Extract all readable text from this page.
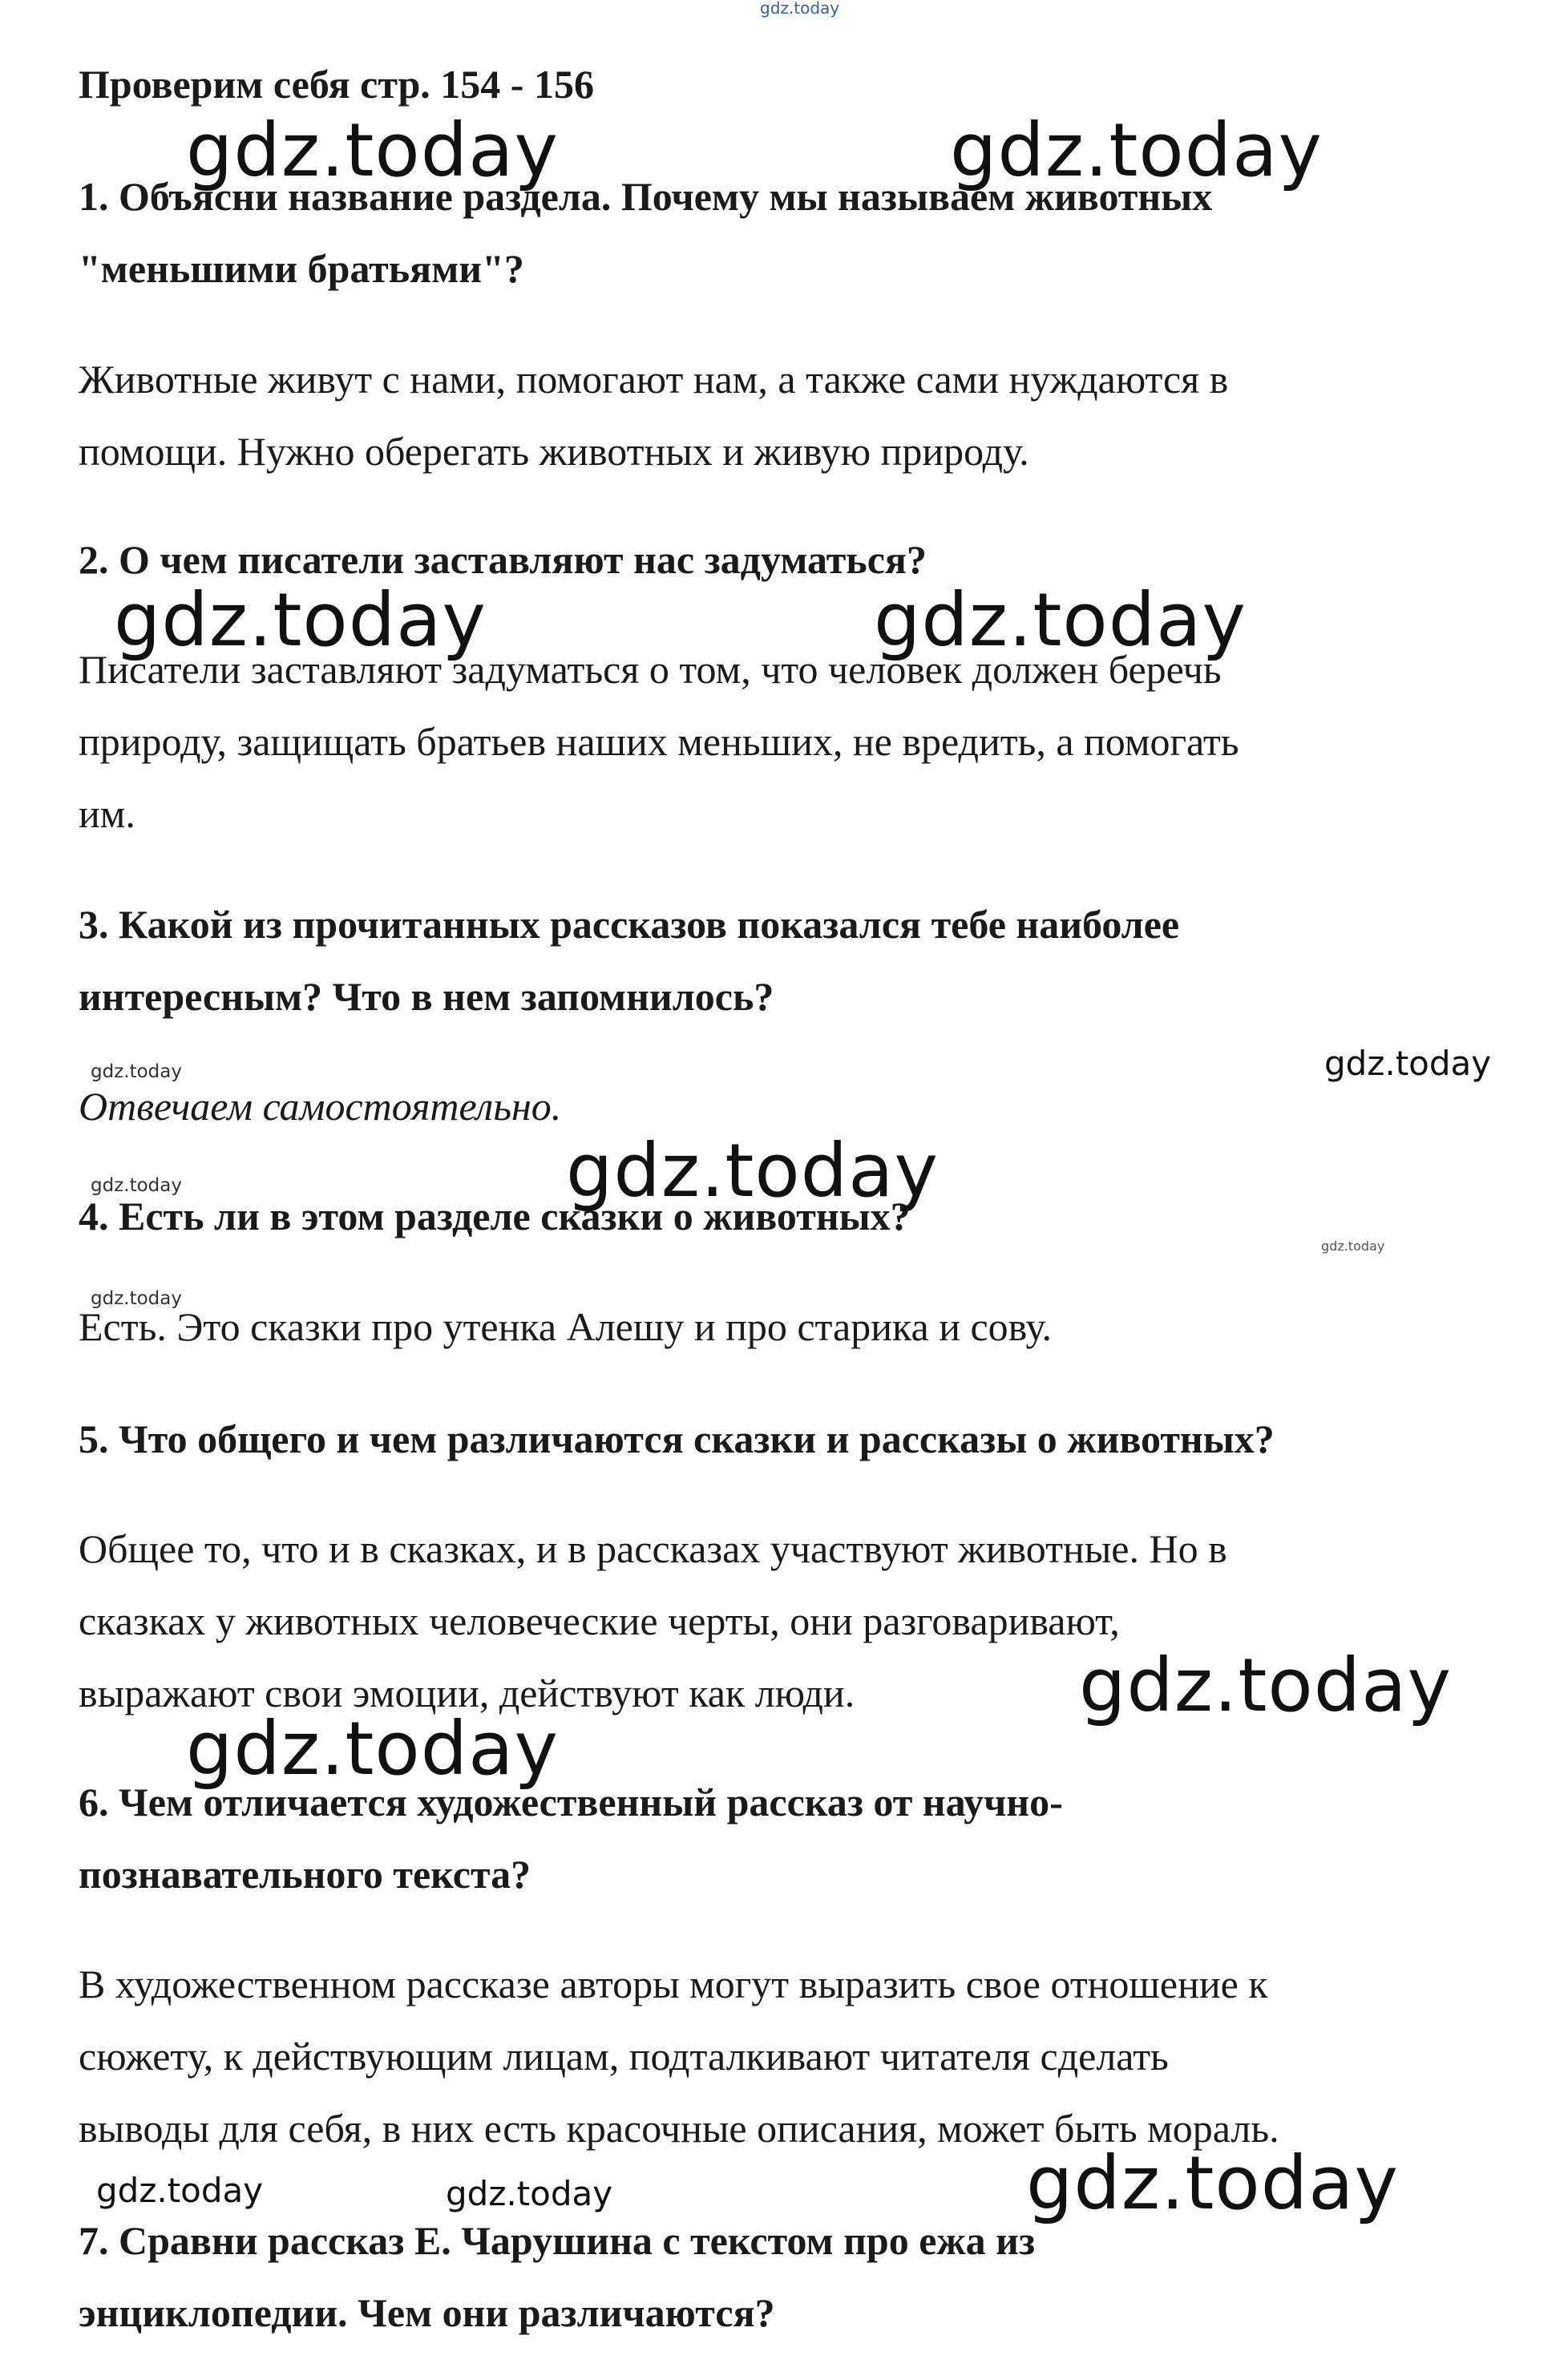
Проверим себя стр. 154 - 156

1. Объясни название раздела. Почему мы называем животных

"меньшими братьями"?

Животные живут с нами, помогают нам, а также сами нуждаются в

помощи. Нужно оберегать животных и живую природу.

2. О чем писатели заставляют нас задуматься?

Писатели заставляют задуматься о том, что человек должен беречь

природу, защищать братьев наших меньших, не вредить, а помогать

им.

3. Какой из прочитанных рассказов показался тебе наиболее

интересным? Что в нем запомнилось?

Отвечаем самостоятельно.

4. Есть ли в этом разделе сказки о животных?

Есть. Это сказки про утенка Алешу и про старика и сову.

5. Что общего и чем различаются сказки и рассказы о животных?

Общее то, что и в сказках, и в рассказах участвуют животные. Но в

сказках у животных человеческие черты, они разговаривают,

выражают свои эмоции, действуют как люди.

6. Чем отличается художественный рассказ от научно-

познавательного текста?

В художественном рассказе авторы могут выразить свое отношение к

сюжету, к действующим лицам, подталкивают читателя сделать

выводы для себя, в них есть красочные описания, может быть мораль.

7. Сравни рассказ Е. Чарушина с текстом про ежа из

энциклопедии. Чем они различаются?

gdz.today
gdz.today	gdz.today
gdz.today	gdz.today
gdz.today	gdz.today
gdz.today
gdz.today
gdz.today
gdz.today
gdz.today
gdz.today
gdz.today	gdz.today	gdz.today
